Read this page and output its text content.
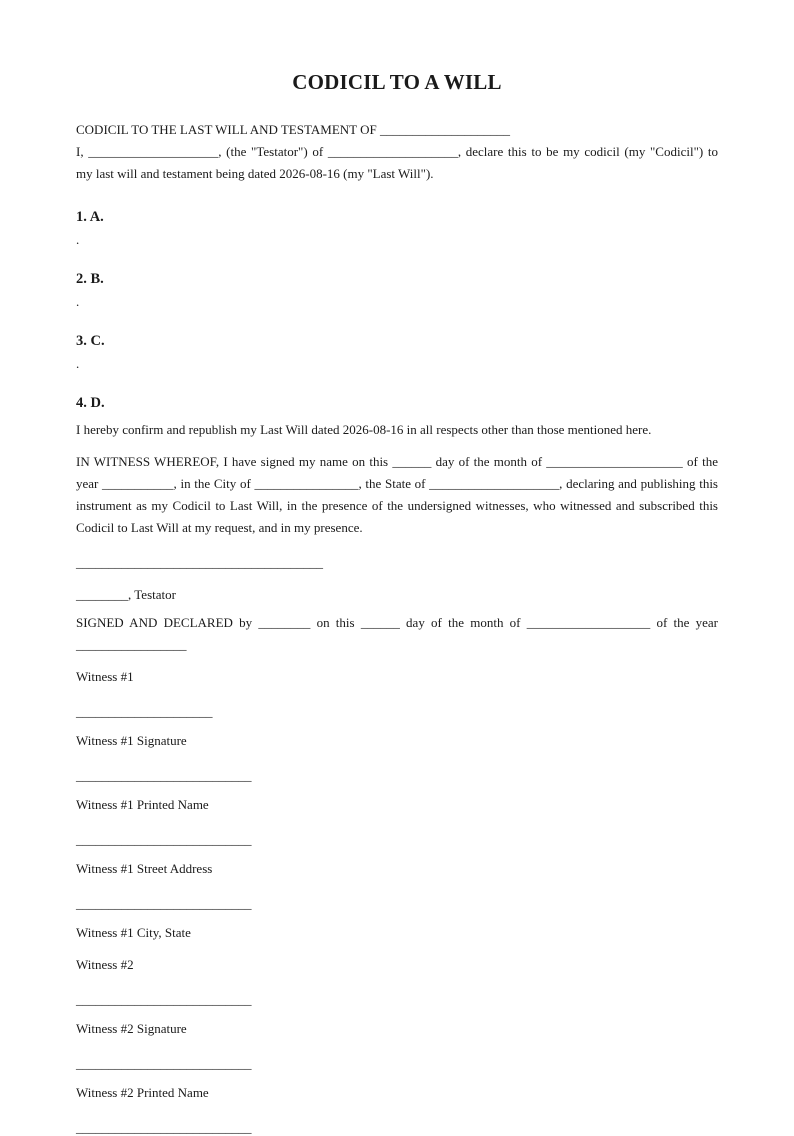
CODICIL TO A WILL

CODICIL TO THE LAST WILL AND TESTAMENT OF ____________________

I, ____________________, (the "Testator") of ____________________, declare this to be my codicil (my "Codicil") to my last will and testament being dated 2026-08-16 (my "Last Will").

1. A.
.
2. B.
.
3. C.
.
4. D.

I hereby confirm and republish my Last Will dated 2026-08-16 in all respects other than those mentioned here.

IN WITNESS WHEREOF, I have signed my name on this ______ day of the month of _____________________ of the year ___________, in the City of ________________, the State of ____________________, declaring and publishing this instrument as my Codicil to Last Will, in the presence of the undersigned witnesses, who witnessed and subscribed this Codicil to Last Will at my request, and in my presence.

______________________________________
________, Testator

SIGNED AND DECLARED by ________ on this ______ day of the month of ___________________ of the year _________________

Witness #1
_____________________
Witness #1 Signature
___________________________
Witness #1 Printed Name
___________________________
Witness #1 Street Address
___________________________
Witness #1 City, State
Witness #2
___________________________
Witness #2 Signature
___________________________
Witness #2 Printed Name
___________________________
